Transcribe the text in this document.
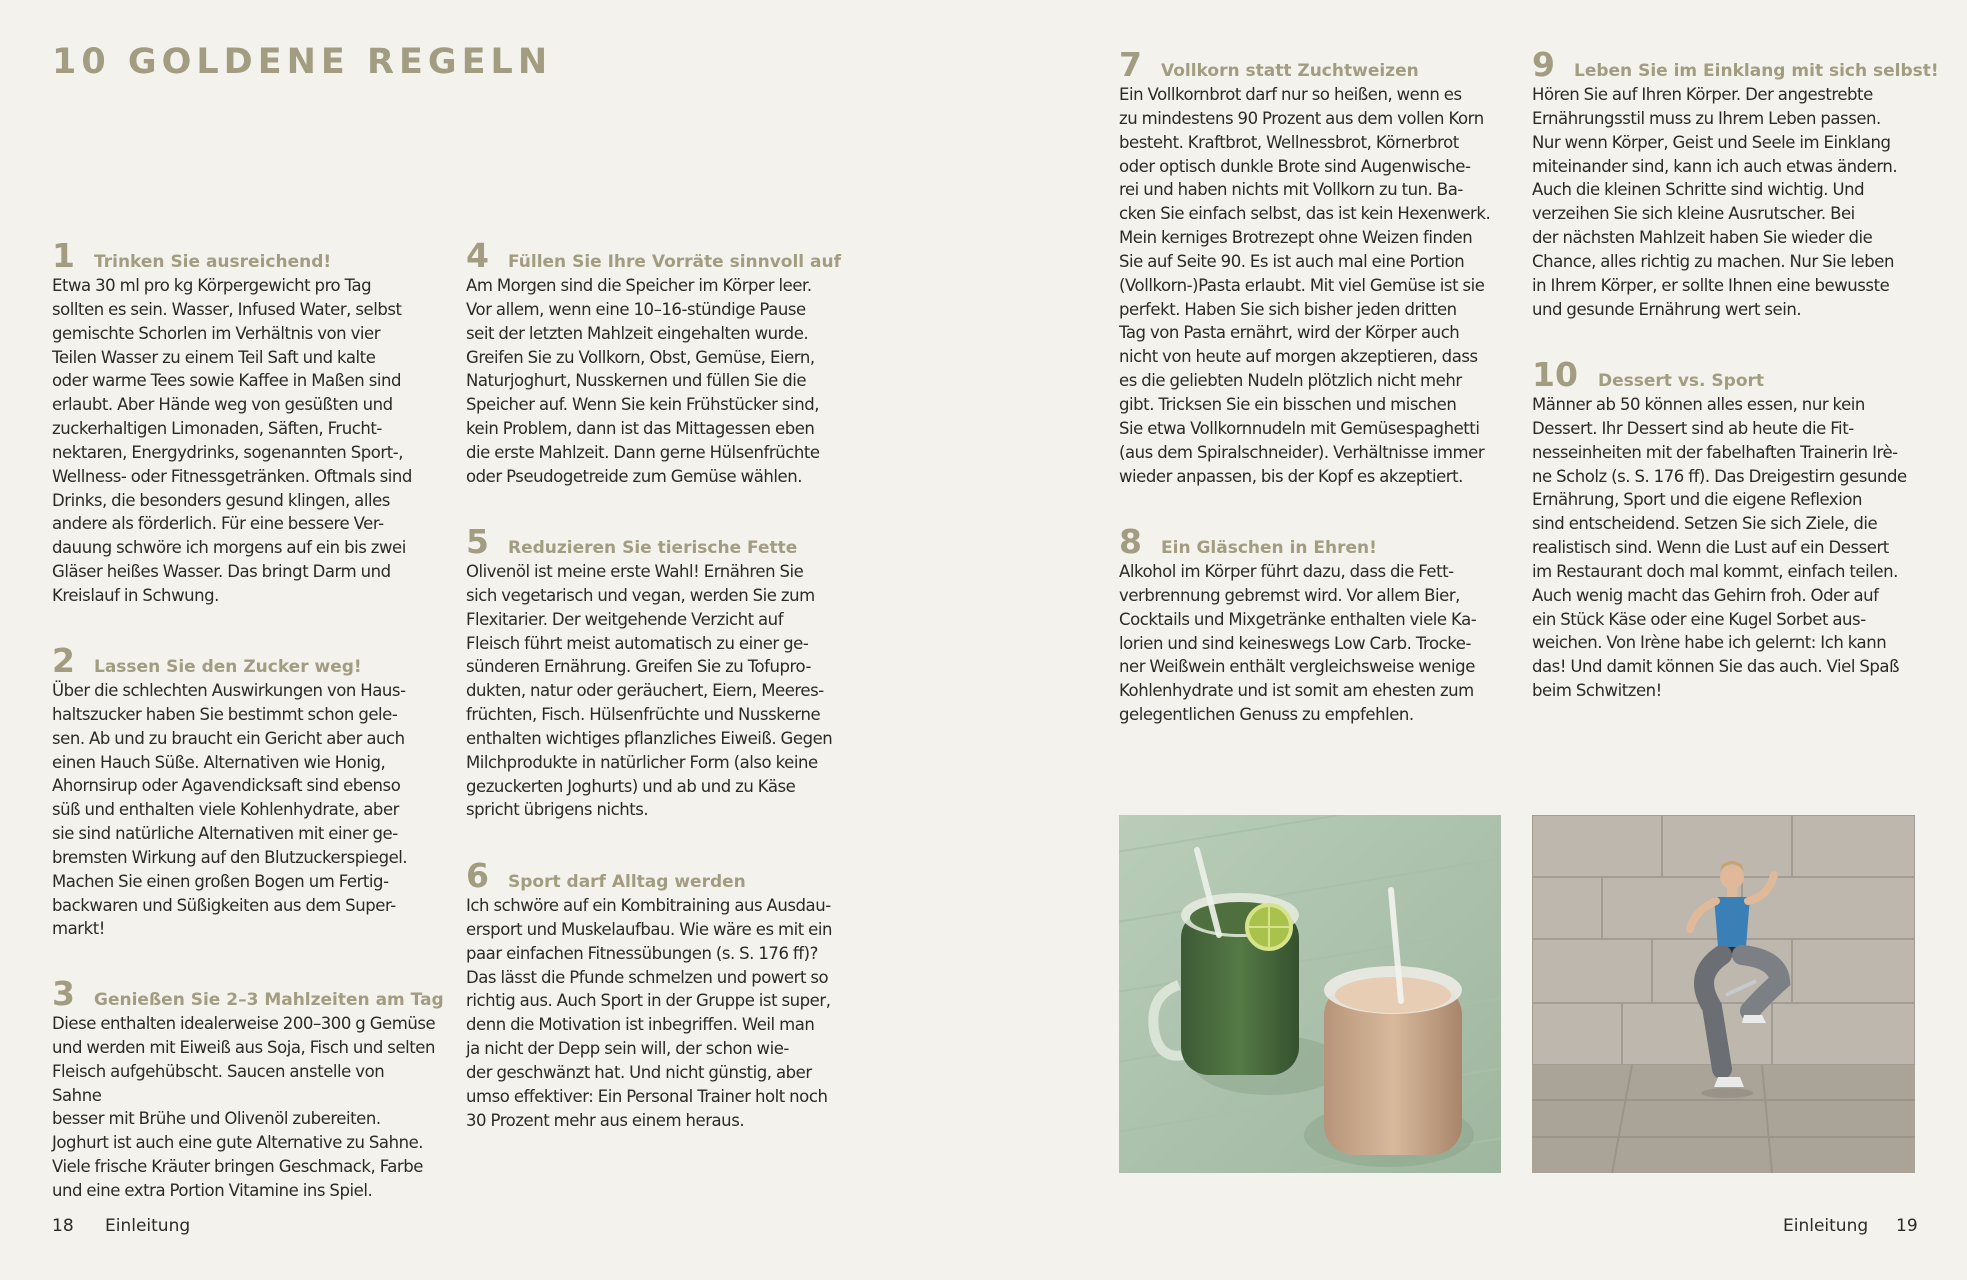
10 GOLDENE REGELN
1	Trinken Sie ausreichend!

Etwa 30 ml pro kg Körpergewicht pro Tag
sollten es sein. Wasser, Infused Water, selbst
gemischte Schorlen im Verhältnis von vier
Teilen Wasser zu einem Teil Saft und kalte
oder warme Tees sowie Kaffee in Maßen sind
erlaubt. Aber Hände weg von gesüßten und
zuckerhaltigen Limonaden, Säften, Frucht-
nektaren, Energydrinks, sogenannten Sport-,
Wellness- oder Fitnessgetränken. Oftmals sind
Drinks, die besonders gesund klingen, alles
andere als förderlich. Für eine bessere Ver-
dauung schwöre ich morgens auf ein bis zwei
Gläser heißes Wasser. Das bringt Darm und
Kreislauf in Schwung.

2	Lassen Sie den Zucker weg!

Über die schlechten Auswirkungen von Haus-
haltszucker haben Sie bestimmt schon gele-
sen. Ab und zu braucht ein Gericht aber auch
einen Hauch Süße. Alternativen wie Honig,
Ahornsirup oder Agavendicksaft sind ebenso
süß und enthalten viele Kohlenhydrate, aber
sie sind natürliche Alternativen mit einer ge-
bremsten Wirkung auf den Blutzuckerspiegel.
Machen Sie einen großen Bogen um Fertig-
backwaren und Süßigkeiten aus dem Super-
markt!

3	Genießen Sie 2–3 Mahlzeiten am Tag

Diese enthalten idealerweise 200–300 g Gemüse
und werden mit Eiweiß aus Soja, Fisch und selten
Fleisch aufgehübscht. Saucen anstelle von Sahne
besser mit Brühe und Olivenöl zubereiten.
Joghurt ist auch eine gute Alternative zu Sahne.
Viele frische Kräuter bringen Geschmack, Farbe
und eine extra Portion Vitamine ins Spiel.

4	Füllen Sie Ihre Vorräte sinnvoll auf

Am Morgen sind die Speicher im Körper leer.
Vor allem, wenn eine 10–16-stündige Pause
seit der letzten Mahlzeit eingehalten wurde.
Greifen Sie zu Vollkorn, Obst, Gemüse, Eiern,
Naturjoghurt, Nusskernen und füllen Sie die
Speicher auf. Wenn Sie kein Frühstücker sind,
kein Problem, dann ist das Mittagessen eben
die erste Mahlzeit. Dann gerne Hülsenfrüchte
oder Pseudogetreide zum Gemüse wählen.

5	Reduzieren Sie tierische Fette

Olivenöl ist meine erste Wahl! Ernähren Sie
sich vegetarisch und vegan, werden Sie zum
Flexitarier. Der weitgehende Verzicht auf
Fleisch führt meist automatisch zu einer ge-
sünderen Ernährung. Greifen Sie zu Tofupro-
dukten, natur oder geräuchert, Eiern, Meeres-
früchten, Fisch. Hülsenfrüchte und Nusskerne
enthalten wichtiges pflanzliches Eiweiß. Gegen
Milchprodukte in natürlicher Form (also keine
gezuckerten Joghurts) und ab und zu Käse
spricht übrigens nichts.

6	Sport darf Alltag werden

Ich schwöre auf ein Kombitraining aus Ausdau-
ersport und Muskelaufbau. Wie wäre es mit ein
paar einfachen Fitnessübungen (s. S. 176 ff)?
Das lässt die Pfunde schmelzen und powert so
richtig aus. Auch Sport in der Gruppe ist super,
denn die Motivation ist inbegriffen. Weil man
ja nicht der Depp sein will, der schon wie-
der geschwänzt hat. Und nicht günstig, aber
umso effektiver: Ein Personal Trainer holt noch
30 Prozent mehr aus einem heraus.

7	Vollkorn statt Zuchtweizen

Ein Vollkornbrot darf nur so heißen, wenn es
zu mindestens 90 Prozent aus dem vollen Korn
besteht. Kraftbrot, Wellnessbrot, Körnerbrot
oder optisch dunkle Brote sind Augenwische-
rei und haben nichts mit Vollkorn zu tun. Ba-
cken Sie einfach selbst, das ist kein Hexenwerk.
Mein kerniges Brotrezept ohne Weizen finden
Sie auf Seite 90. Es ist auch mal eine Portion
(Vollkorn-)Pasta erlaubt. Mit viel Gemüse ist sie
perfekt. Haben Sie sich bisher jeden dritten
Tag von Pasta ernährt, wird der Körper auch
nicht von heute auf morgen akzeptieren, dass
es die geliebten Nudeln plötzlich nicht mehr
gibt. Tricksen Sie ein bisschen und mischen
Sie etwa Vollkornnudeln mit Gemüsespaghetti
(aus dem Spiralschneider). Verhältnisse immer
wieder anpassen, bis der Kopf es akzeptiert.

8	Ein Gläschen in Ehren!

Alkohol im Körper führt dazu, dass die Fett-
verbrennung gebremst wird. Vor allem Bier,
Cocktails und Mixgetränke enthalten viele Ka-
lorien und sind keineswegs Low Carb. Trocke-
ner Weißwein enthält vergleichsweise wenige
Kohlenhydrate und ist somit am ehesten zum
gelegentlichen Genuss zu empfehlen.

9	Leben Sie im Einklang mit sich selbst!

Hören Sie auf Ihren Körper. Der angestrebte
Ernährungsstil muss zu Ihrem Leben passen.
Nur wenn Körper, Geist und Seele im Einklang
miteinander sind, kann ich auch etwas ändern.
Auch die kleinen Schritte sind wichtig. Und
verzeihen Sie sich kleine Ausrutscher. Bei
der nächsten Mahlzeit haben Sie wieder die
Chance, alles richtig zu machen. Nur Sie leben
in Ihrem Körper, er sollte Ihnen eine bewusste
und gesunde Ernährung wert sein.

10	Dessert vs. Sport

Männer ab 50 können alles essen, nur kein
Dessert. Ihr Dessert sind ab heute die Fit-
nesseinheiten mit der fabelhaften Trainerin Irè-
ne Scholz (s. S. 176 ff). Das Dreigestirn gesunde
Ernährung, Sport und die eigene Reflexion
sind entscheidend. Setzen Sie sich Ziele, die
realistisch sind. Wenn die Lust auf ein Dessert
im Restaurant doch mal kommt, einfach teilen.
Auch wenig macht das Gehirn froh. Oder auf
ein Stück Käse oder eine Kugel Sorbet aus-
weichen. Von Irène habe ich gelernt: Ich kann
das! Und damit können Sie das auch. Viel Spaß
beim Schwitzen!

18 Einleitung	Einleitung 19
